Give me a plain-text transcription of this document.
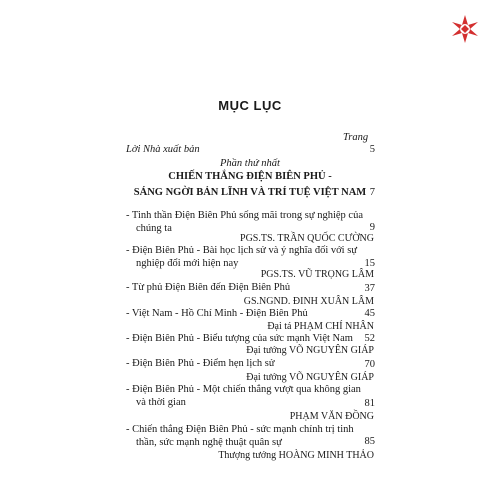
MỤC LỤC
Trang
Lời Nhà xuất bản	5
Phần thứ nhất
CHIẾN THẮNG ĐIỆN BIÊN PHỦ -
SÁNG NGỜI BẢN LĨNH VÀ TRÍ TUỆ VIỆT NAM 7
- Tinh thần Điện Biên Phủ sống mãi trong sự nghiệp của
chúng ta	9
PGS.TS. TRẦN QUỐC CƯỜNG
- Điện Biên Phủ - Bài học lịch sử và ý nghĩa đối với sự
nghiệp đổi mới hiện nay	15
PGS.TS. VŨ TRỌNG LÂM
- Từ phủ Điện Biên đến Điện Biên Phủ	37
GS.NGND. ĐINH XUÂN LÂM
- Việt Nam - Hồ Chí Minh - Điện Biên Phủ	45
Đại tá PHẠM CHÍ NHÂN
- Điện Biên Phủ - Biểu tượng của sức mạnh Việt Nam	52
Đại tướng VÕ NGUYÊN GIÁP
- Điện Biên Phủ - Điểm hẹn lịch sử	70
Đại tướng VÕ NGUYÊN GIÁP
- Điện Biên Phủ - Một chiến thắng vượt qua không gian
và thời gian	81
PHẠM VĂN ĐỒNG
- Chiến thắng Điện Biên Phủ - sức mạnh chính trị tinh
thần, sức mạnh nghệ thuật quân sự	85
Thượng tướng HOÀNG MINH THẢO
